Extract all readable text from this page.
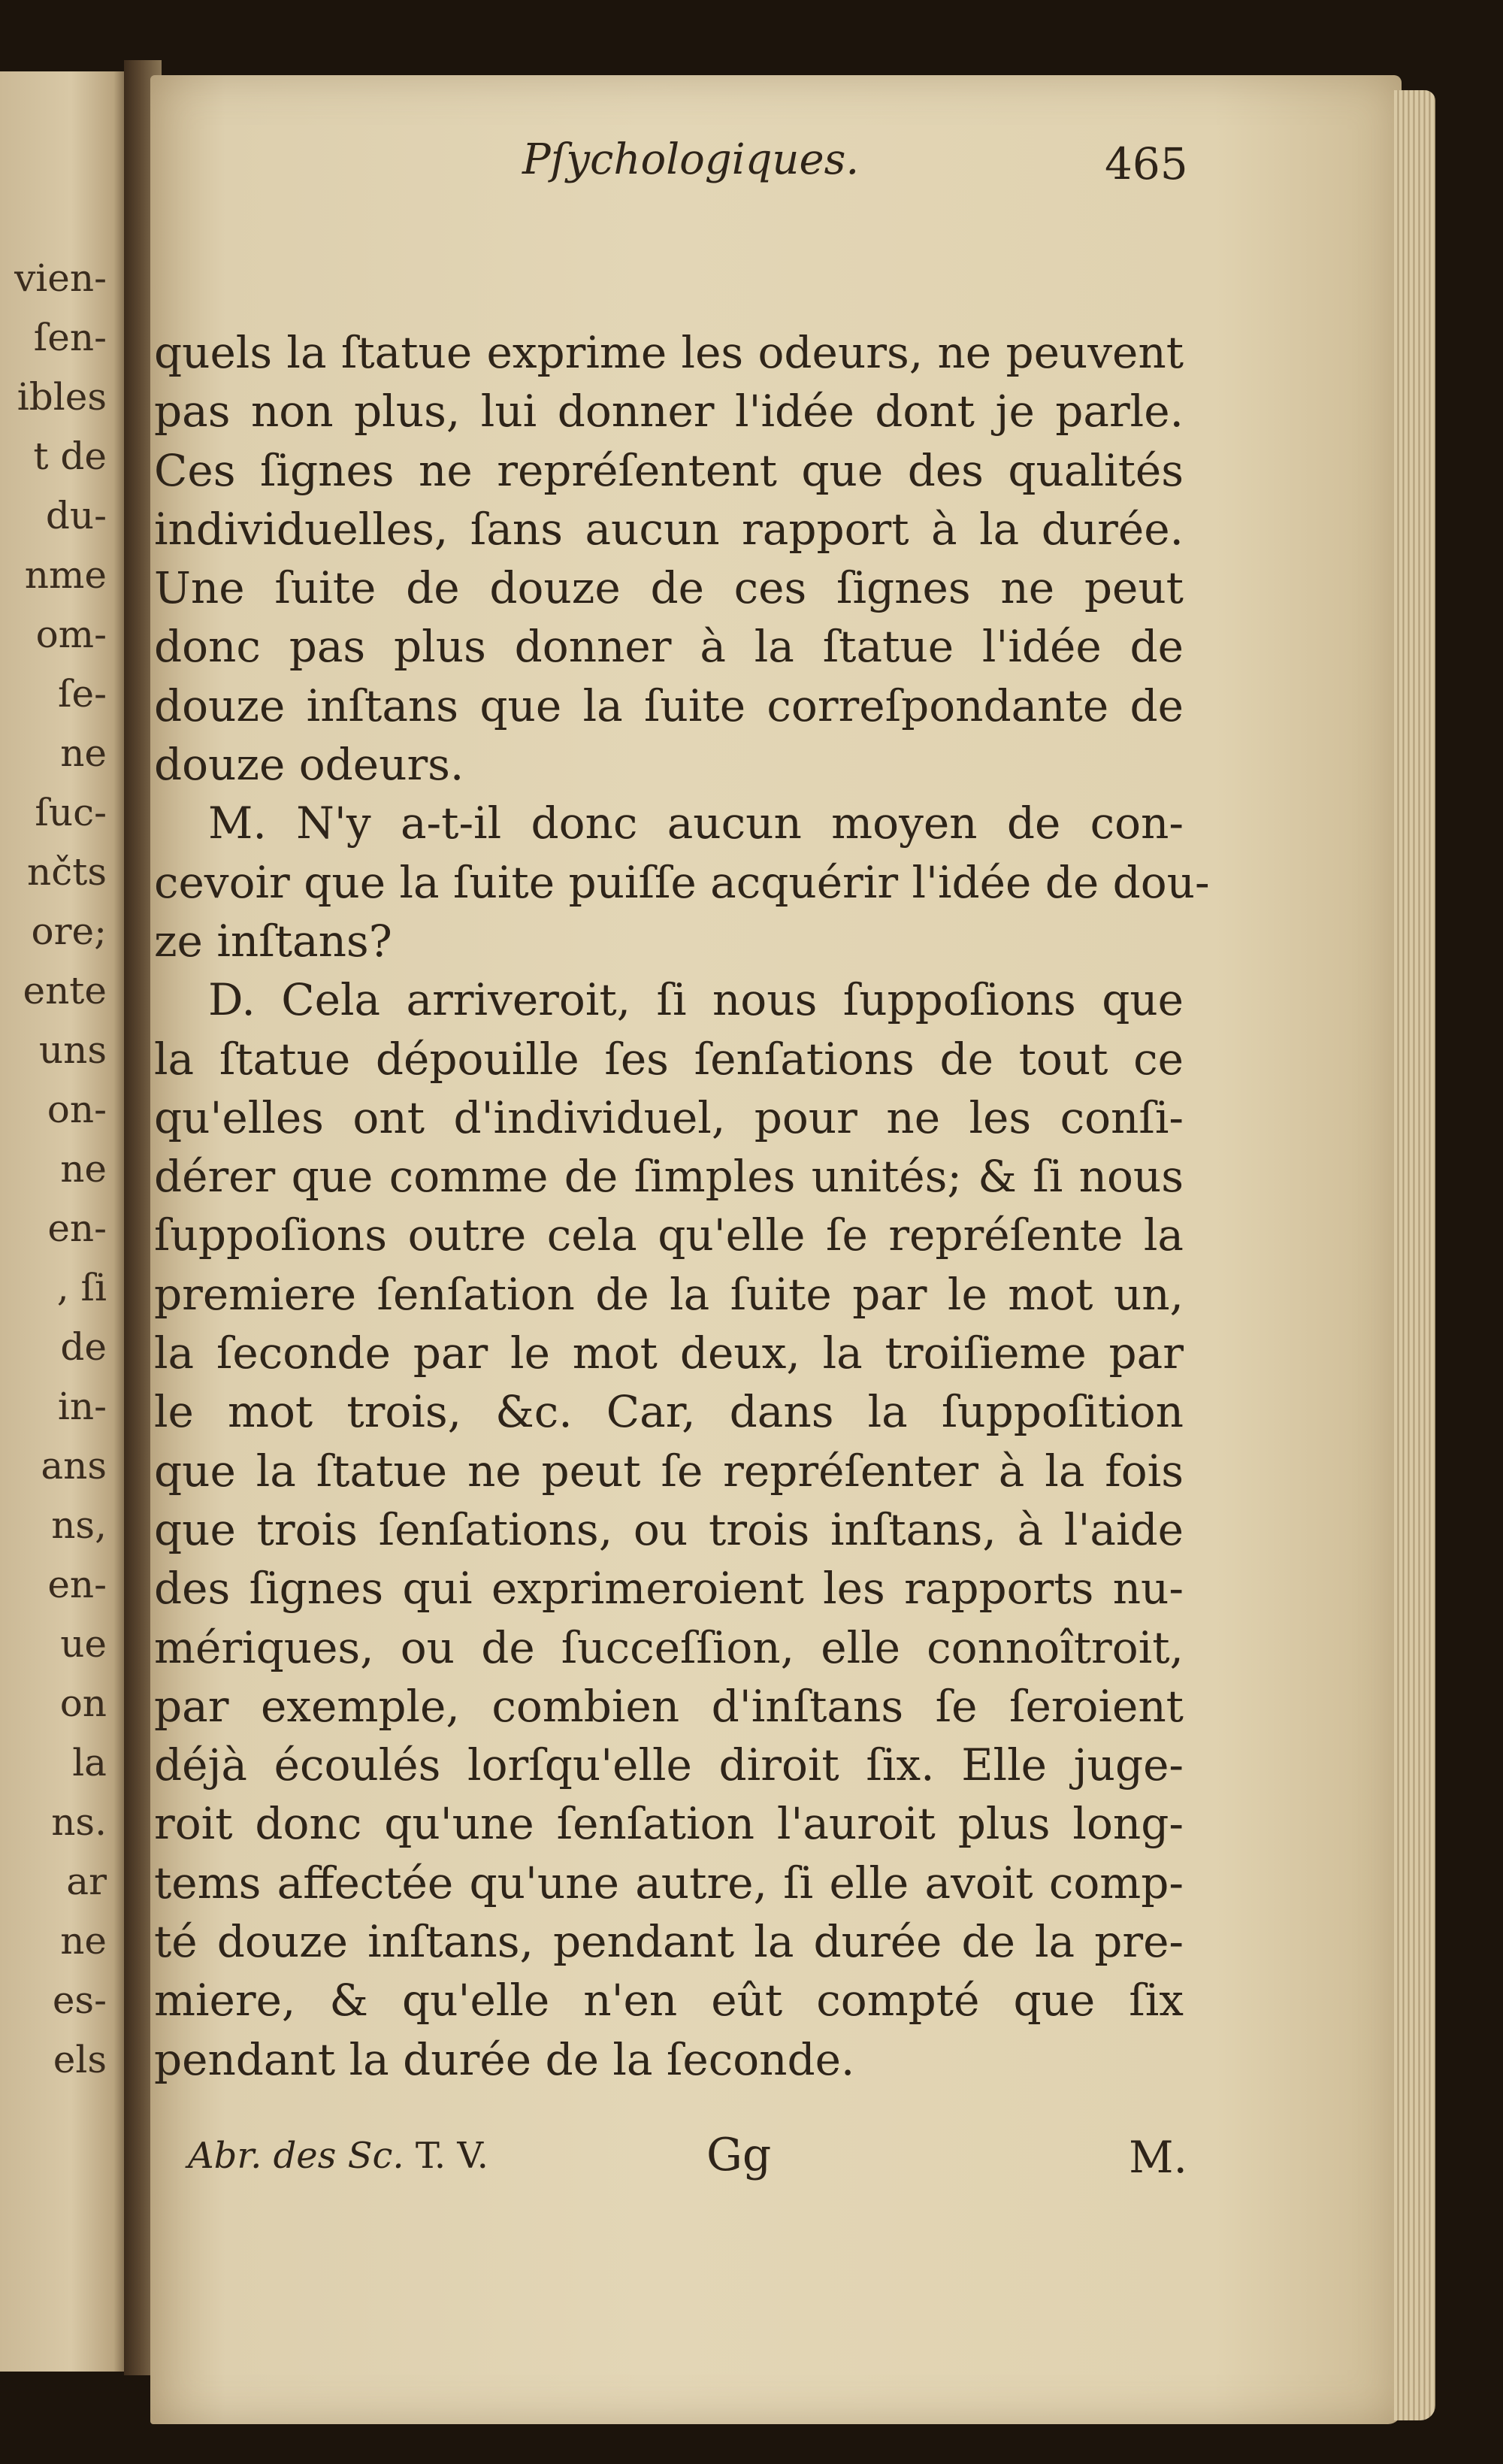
vien-
ſen-
ibles
t de
du-
nme
om-
ſe-
ne
ſuc-
nčts
ore;
ente
uns
on-
ne
en-
, ſi
de
in-
ans
ns,
en-
ue
on
la
ns.
ar
ne
es-
els
Pſychologiques.	465
quels la ſtatue exprime les odeurs, ne peuvent
pas non plus, lui donner l'idée dont je parle.
Ces ſignes ne repréſentent que des qualités
individuelles, ſans aucun rapport à la durée.
Une ſuite de douze de ces ſignes ne peut
donc pas plus donner à la ſtatue l'idée de
douze inſtans que la ſuite correſpondante de
douze odeurs.
M. N'y a-t-il donc aucun moyen de con-
cevoir que la ſuite puiſſe acquérir l'idée de dou-
ze inſtans?
D. Cela arriveroit, ſi nous ſuppoſions que
la ſtatue dépouille ſes ſenſations de tout ce
qu'elles ont d'individuel, pour ne les conſi-
dérer que comme de ſimples unités; & ſi nous
ſuppoſions outre cela qu'elle ſe repréſente la
premiere ſenſation de la ſuite par le mot un,
la ſeconde par le mot deux, la troiſieme par
le mot trois, &c. Car, dans la ſuppoſition
que la ſtatue ne peut ſe repréſenter à la fois
que trois ſenſations, ou trois inſtans, à l'aide
des ſignes qui exprimeroient les rapports nu-
mériques, ou de ſucceſſion, elle connoîtroit,
par exemple, combien d'inſtans ſe ſeroient
déjà écoulés lorſqu'elle diroit ſix. Elle juge-
roit donc qu'une ſenſation l'auroit plus long-
tems affectée qu'une autre, ſi elle avoit comp-
té douze inſtans, pendant la durée de la pre-
miere, & qu'elle n'en eût compté que ſix
pendant la durée de la ſeconde.
Abr. des Sc. T. V.	Gg	M.
